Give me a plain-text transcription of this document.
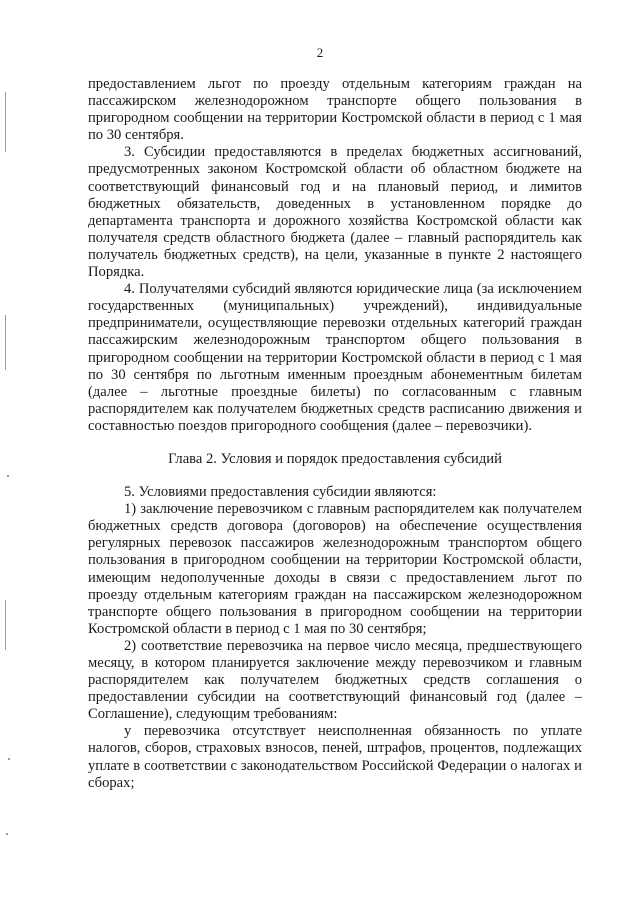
2

предоставлением льгот по проезду отдельным категориям граждан на пассажирском железнодорожном транспорте общего пользования в пригородном сообщении на территории Костромской области в период с 1 мая по 30 сентября.

3. Субсидии предоставляются в пределах бюджетных ассигнований, предусмотренных законом Костромской области об областном бюджете на соответствующий финансовый год и на плановый период, и лимитов бюджетных обязательств, доведенных в установленном порядке до департамента транспорта и дорожного хозяйства Костромской области как получателя средств областного бюджета (далее – главный распорядитель как получатель бюджетных средств), на цели, указанные в пункте 2 настоящего Порядка.

4. Получателями субсидий являются юридические лица (за исключением государственных (муниципальных) учреждений), индивидуальные предприниматели, осуществляющие перевозки отдельных категорий граждан пассажирским железнодорожным транспортом общего пользования в пригородном сообщении на территории Костромской области в период с 1 мая по 30 сентября по льготным именным проездным абонементным билетам (далее – льготные проездные билеты) по согласованным с главным распорядителем как получателем бюджетных средств расписанию движения и составностью поездов пригородного сообщения (далее – перевозчики).

Глава 2. Условия и порядок предоставления субсидий

5. Условиями предоставления субсидии являются:

1) заключение перевозчиком с главным распорядителем как получателем бюджетных средств договора (договоров) на обеспечение осуществления регулярных перевозок пассажиров железнодорожным транспортом общего пользования в пригородном сообщении на территории Костромской области, имеющим недополученные доходы в связи с предоставлением льгот по проезду отдельным категориям граждан на пассажирском железнодорожном транспорте общего пользования в пригородном сообщении на территории Костромской области в период с 1 мая по 30 сентября;

2) соответствие перевозчика на первое число месяца, предшествующего месяцу, в котором планируется заключение между перевозчиком и главным распорядителем как получателем бюджетных средств соглашения о предоставлении субсидии на соответствующий финансовый год (далее – Соглашение), следующим требованиям:

у перевозчика отсутствует неисполненная обязанность по уплате налогов, сборов, страховых взносов, пеней, штрафов, процентов, подлежащих уплате в соответствии с законодательством Российской Федерации о налогах и сборах;
